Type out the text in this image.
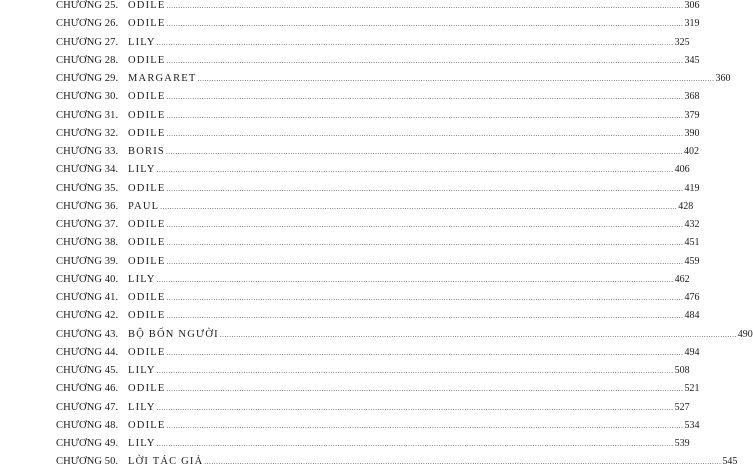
CHƯƠNG 25. ODILE ............................................................................................................................................................................................................................ 306
CHƯƠNG 26. ODILE ............................................................................................................................................................................................................................ 319
CHƯƠNG 27. LILY ............................................................................................................................................................................................................................ 325
CHƯƠNG 28. ODILE ............................................................................................................................................................................................................................ 345
CHƯƠNG 29. MARGARET ............................................................................................................................................................................................................................ 360
CHƯƠNG 30. ODILE ............................................................................................................................................................................................................................ 368
CHƯƠNG 31. ODILE ............................................................................................................................................................................................................................ 379
CHƯƠNG 32. ODILE ............................................................................................................................................................................................................................ 390
CHƯƠNG 33. BORIS ............................................................................................................................................................................................................................ 402
CHƯƠNG 34. LILY ............................................................................................................................................................................................................................ 406
CHƯƠNG 35. ODILE ............................................................................................................................................................................................................................ 419
CHƯƠNG 36. PAUL ............................................................................................................................................................................................................................ 428
CHƯƠNG 37. ODILE ............................................................................................................................................................................................................................ 432
CHƯƠNG 38. ODILE ............................................................................................................................................................................................................................ 451
CHƯƠNG 39. ODILE ............................................................................................................................................................................................................................ 459
CHƯƠNG 40. LILY ............................................................................................................................................................................................................................ 462
CHƯƠNG 41. ODILE ............................................................................................................................................................................................................................ 476
CHƯƠNG 42. ODILE ............................................................................................................................................................................................................................ 484
CHƯƠNG 43. BỘ BỐN NGƯỜI ............................................................................................................................................................................................................................ 490
CHƯƠNG 44. ODILE ............................................................................................................................................................................................................................ 494
CHƯƠNG 45. LILY ............................................................................................................................................................................................................................ 508
CHƯƠNG 46. ODILE ............................................................................................................................................................................................................................ 521
CHƯƠNG 47. LILY ............................................................................................................................................................................................................................ 527
CHƯƠNG 48. ODILE ............................................................................................................................................................................................................................ 534
CHƯƠNG 49. LILY ............................................................................................................................................................................................................................ 539
CHƯƠNG 50. LỜI TÁC GIẢ ............................................................................................................................................................................................................................ 545
